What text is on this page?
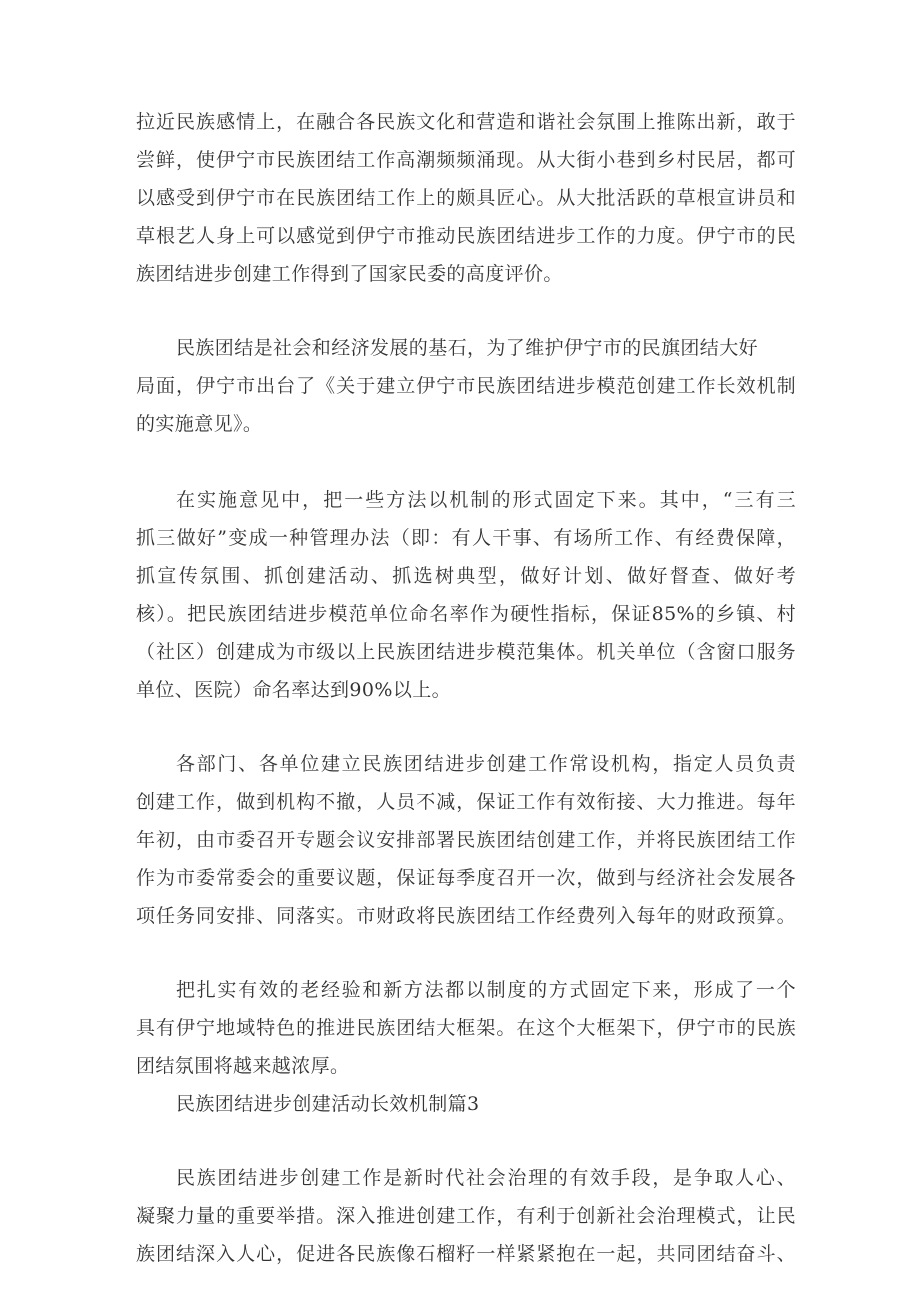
拉近民族感情上，在融合各民族文化和营造和谐社会氛围上推陈出新，敢于
尝鲜，使伊宁市民族团结工作高潮频频涌现。从大街小巷到乡村民居，都可
以感受到伊宁市在民族团结工作上的颇具匠心。从大批活跃的草根宣讲员和
草根艺人身上可以感觉到伊宁市推动民族团结进步工作的力度。伊宁市的民
族团结进步创建工作得到了国家民委的高度评价。
民族团结是社会和经济发展的基石，为了维护伊宁市的民旗团结大好
局面，伊宁市出台了《关于建立伊宁市民族团结进步模范创建工作长效机制
的实施意见》。
在实施意见中，把一些方法以机制的形式固定下来。其中，“三有三
抓三做好”变成一种管理办法（即：有人干事、有场所工作、有经费保障，
抓宣传氛围、抓创建活动、抓选树典型，做好计划、做好督查、做好考
核）。把民族团结进步模范单位命名率作为硬性指标，保证85%的乡镇、村
（社区）创建成为市级以上民族团结进步模范集体。机关单位（含窗口服务
单位、医院）命名率达到90%以上。
各部门、各单位建立民族团结进步创建工作常设机构，指定人员负责
创建工作，做到机构不撤，人员不减，保证工作有效衔接、大力推进。每年
年初，由市委召开专题会议安排部署民族团结创建工作，并将民族团结工作
作为市委常委会的重要议题，保证每季度召开一次，做到与经济社会发展各
项任务同安排、同落实。市财政将民族团结工作经费列入每年的财政预算。
把扎实有效的老经验和新方法都以制度的方式固定下来，形成了一个
具有伊宁地域特色的推进民族团结大框架。在这个大框架下，伊宁市的民族
团结氛围将越来越浓厚。
民族团结进步创建活动长效机制篇3
民族团结进步创建工作是新时代社会治理的有效手段，是争取人心、
凝聚力量的重要举措。深入推进创建工作，有利于创新社会治理模式，让民
族团结深入人心，促进各民族像石榴籽一样紧紧抱在一起，共同团结奋斗、
